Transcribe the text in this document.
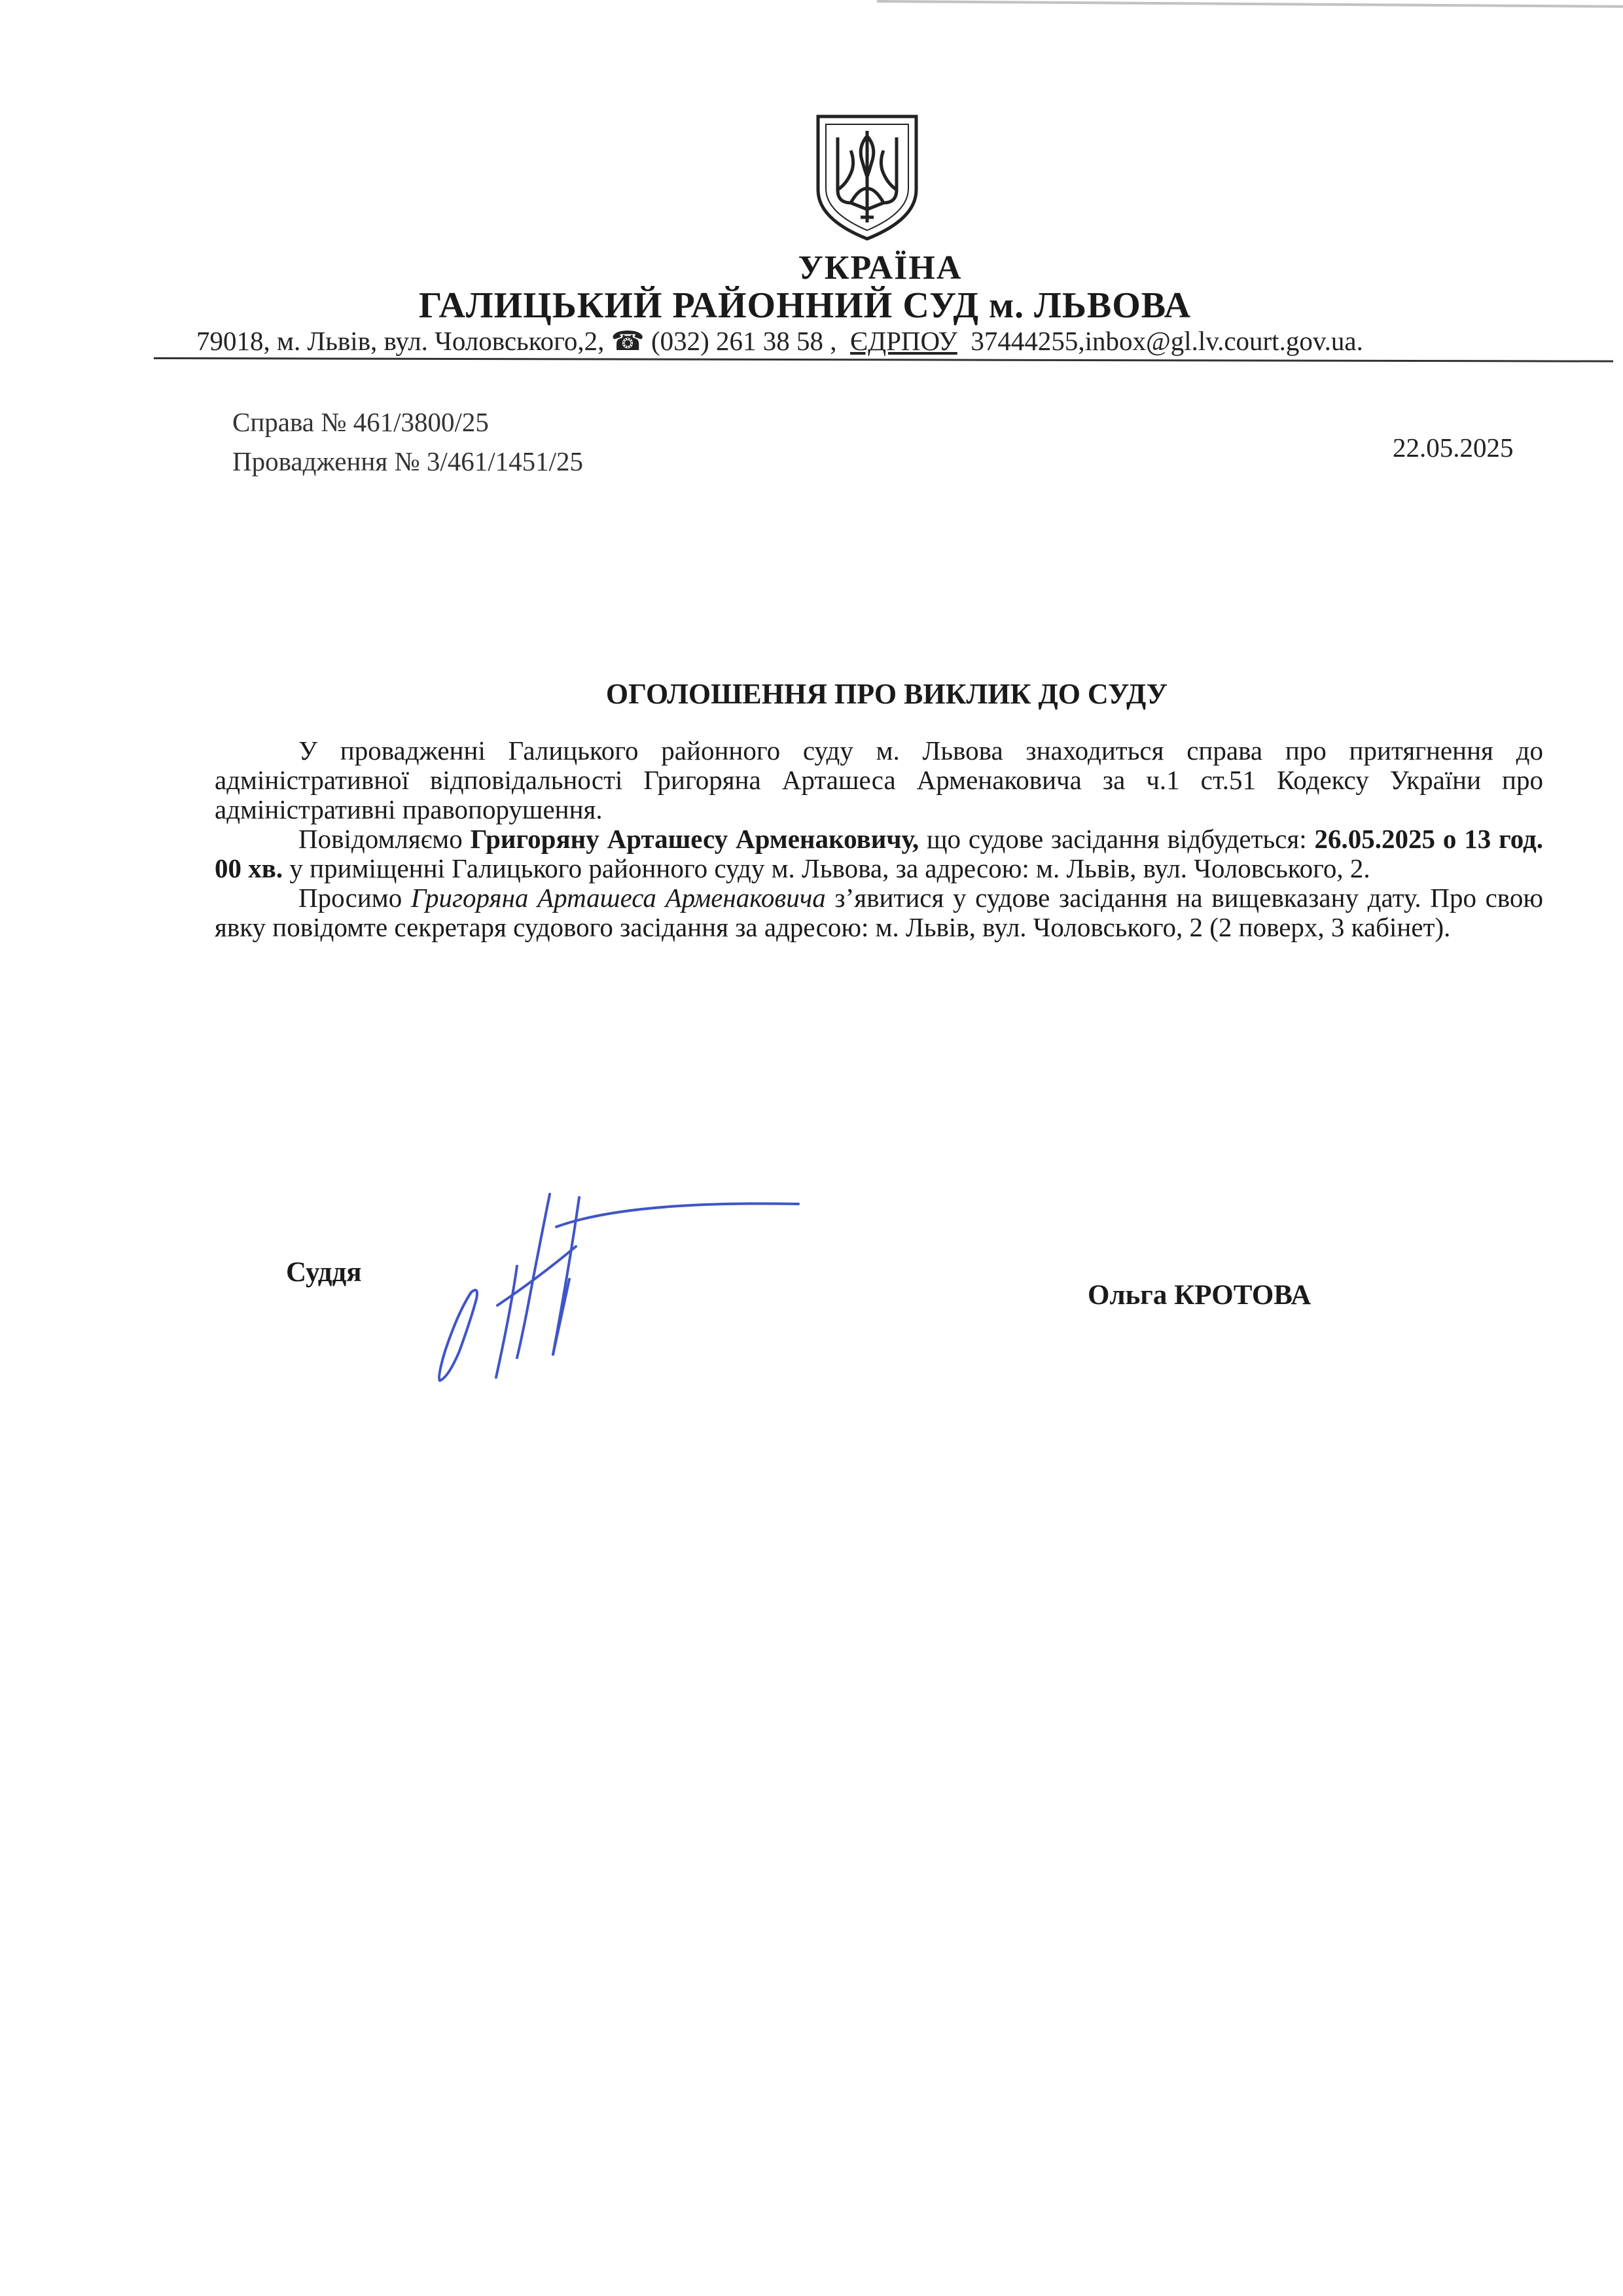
УКРАЇНА
ГАЛИЦЬКИЙ РАЙОННИЙ СУД м. ЛЬВОВА
79018, м. Львів, вул. Чоловського,2, ☎ (032) 261 38 58 , ЄДРПОУ 37444255,inbox@gl.lv.court.gov.ua.
Справа № 461/3800/25
Провадження № 3/461/1451/25	22.05.2025
ОГОЛОШЕННЯ ПРО ВИКЛИК ДО СУДУ

У провадженні Галицького районного суду м. Львова знаходиться справа про притягнення до адміністративної відповідальності Григоряна Арташеса Арменаковича за ч.1 ст.51 Кодексу України про адміністративні правопорушення.

Повідомляємо Григоряну Арташесу Арменаковичу, що судове засідання відбудеться: 26.05.2025 о 13 год. 00 хв. у приміщенні Галицького районного суду м. Львова, за адресою: м. Львів, вул. Чоловського, 2.

Просимо Григоряна Арташеса Арменаковича з’явитися у судове засідання на вищевказану дату. Про свою явку повідомте секретаря судового засідання за адресою: м. Львів, вул. Чоловського, 2 (2 поверх, 3 кабінет).

Суддя
Ольга КРОТОВА
